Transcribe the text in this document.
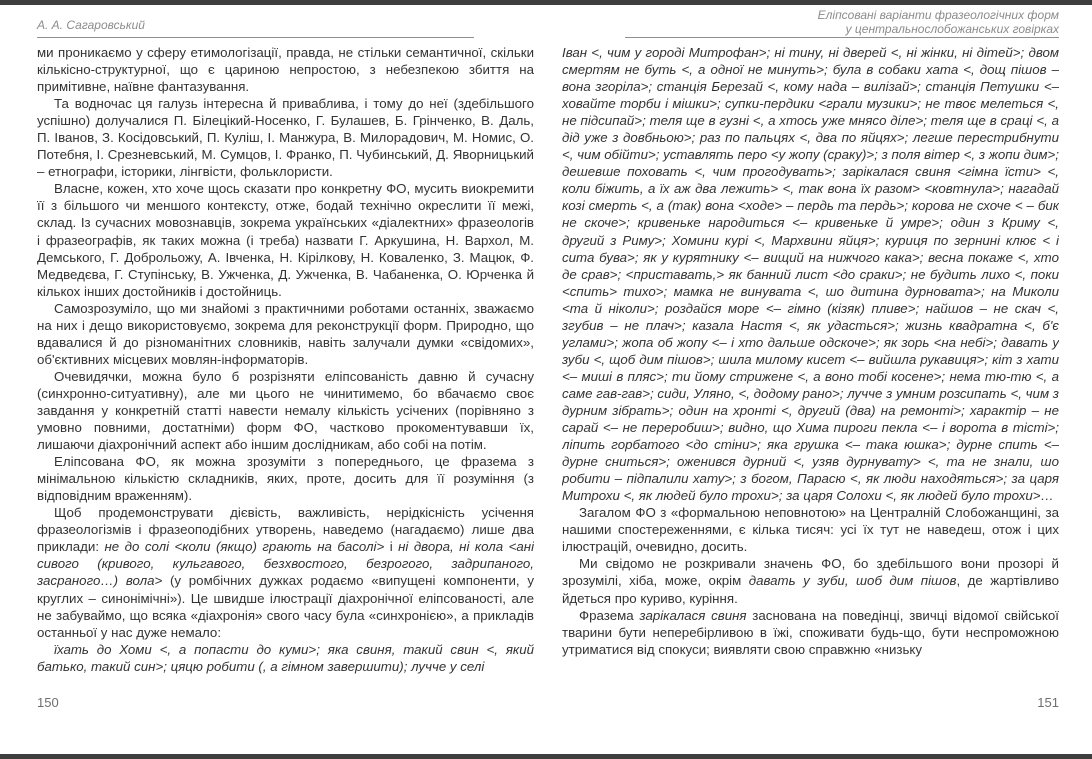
А. А. Сагаровський

ми проникаємо у сферу етимологізації, правда, не стільки семантичної, скільки кількісно-структурної, що є цариною непростою, з небезпекою збиття на примітивне, наївне фантазування.

Та водночас ця галузь інтересна й приваблива, і тому до неї (здебільшого успішно) долучалися П. Білецікий-Носенко, Г. Булашев, Б. Грінченко, В. Даль, П. Іванов, З. Косідовський, П. Куліш, І. Манжура, В. Милорадович, М. Номис, О. Потебня, І. Срезневський, М. Сумцов, І. Франко, П. Чубинський, Д. Яворницький – етнографи, історики, лінгвісти, фольклористи.

Власне, кожен, хто хоче щось сказати про конкретну ФО, мусить виокремити її з більшого чи меншого контексту, отже, бодай технічно окреслити її межі, склад. Із сучасних мовознавців, зокрема українських «діалектних» фразеологів і фразеографів, як таких можна (і треба) назвати Г. Аркушина, Н. Вархол, М. Демського, Г. Доброльожу, А. Івченка, Н. Кірілкову, Н. Коваленко, З. Мацюк, Ф. Медведєва, Г. Ступінську, В. Ужченка, Д. Ужченка, В. Чабаненка, О. Юрченка й кількох інших достойників і достойниць.

Самозрозуміло, що ми знайомі з практичними роботами останніх, зважаємо на них і дещо використовуємо, зокрема для реконструкції форм. Природно, що вдавалися й до різноманітних словників, навіть залучали думки «свідомих», об'єктивних місцевих мовлян-інформаторів.

Очевидячки, можна було б розрізняти еліпсованість давню й сучасну (синхронно-ситуативну), але ми цього не чинитимемо, бо вбачаємо своє завдання у конкретній статті навести немалу кількість усічених (порівняно з умовно повними, достатніми) форм ФО, частково прокоментувавши їх, лишаючи діахронічний аспект або іншим дослідникам, або собі на потім.

Еліпсована ФО, як можна зрозуміти з попереднього, це фразема з мінімальною кількістю складників, яких, проте, досить для її розуміння (з відповідним враженням).

Щоб продемонструвати дієвість, важливість, нерідкісність усічення фразеологізмів і фразеоподібних утворень, наведемо (нагадаємо) лише два приклади: не до солі <коли (якщо) грають на басолі> і ні двора, ні кола <ані сивого (кривого, кульгавого, безхвостого, безрогого, задрипаного, засраного…) вола> (у ромбічних дужках родаємо «випущені компоненти, у круглих – синонімічні»). Це швидше ілюстрації діахронічної еліпсованості, але не забуваймо, що всяка «діахронія» свого часу була «синхронією», а прикладів останньої у нас дуже немало:

їхать до Хоми <, а попасти до куми>; яка свиня, такий свин <, який батько, такий син>; цяцю робити (, а гімном завершити); лучче у селі

150
Еліпсовані варіанти фразеологічних форм
у центральнослобожанських говірках

Іван <, чим у городі Митрофан>; ні тину, ні дверей <, ні жінки, ні дітей>; двом смертям не буть <, а одної не минуть>; була в собаки хата <, дощ пішов – вона згоріла>; станція Березай <, кому нада – вилізай>; станція Петушки <– ховайте торби і мішки>; супки-пердики <грали музики>; не твоє мелеться <, не підсипай>; теля ще в гузні <, а хтось уже мнясо діле>; теля ще в сраці <, а дід уже з довбньою>; раз по пальцях <, два по яйцях>; легше перестрибнути <, чим обійти>; уставлять перо <у жопу (сраку)>; з поля вітер <, з жопи дим>; дешевше поховать <, чим прогодувать>; зарікалася свиня <гімна їсти> <, коли біжить, а їх аж два лежить> <, так вона їх разом> <ковтнула>; нагадай козі смерть <, а (так) вона <ходе> – пердь та пердь>; корова не схоче < – бик не скоче>; кривеньке народиться <– кривеньке й умре>; один з Криму <, другий з Риму>; Хомини курі <, Мархвини яйця>; куриця по зернині клює < і сита бува>; як у курятнику <– вищий на нижчого кака>; весна покаже <, хто де срав>; <приставать,> як банний лист <до сраки>; не будить лихо <, поки <спить> тихо>; мамка не винувата <, шо дитина дурновата>; на Миколи <та й ніколи>; роздайся море <– гімно (кізяк) пливе>; найшов – не скач <, згубив – не плач>; казала Настя <, як удасться>; жизнь квадратна <, б'є углами>; жопа об жопу <– і хто дальше одскоче>; як зорь <на небі>; давать у зуби <, щоб дим пішов>; шила милому кисет <– вийшла рукавиця>; кіт з хати <– миші в пляс>; ти йому стрижене <, а воно тобі косене>; нема тю-тю <, а саме гав-гав>; сиди, Уляно, <, додому рано>; лучче з умним розсипать <, чим з дурним зібрать>; один на хронті <, другий (два) на ремонті>; характір – не сарай <– не переробиш>; видно, що Хима пироги пекла <– і ворота в тісті>; ліпить горбатого <до стіни>; яка грушка <– така юшка>; дурне спить <– дурне сниться>; оженився дурний <, узяв дурнувату> <, та не знали, шо робити – підпалили хату>; з богом, Парасю <, як люди находяться>; за царя Митрохи <, як людей було трохи>; за царя Солохи <, як людей було трохи>…

Загалом ФО з «формальною неповнотою» на Централній Слобожанщині, за нашими спостереженнями, є кілька тисяч: усі їх тут не наведеш, отож і цих ілюстрацій, очевидно, досить.

Ми свідомо не розкривали значень ФО, бо здебільшого вони прозорі й зрозумілі, хіба, може, окрім давать у зуби, шоб дим пішов, де жартівливо йдеться про куриво, куріння.

Фразема зарікалася свиня заснована на поведінці, звичці відомої свійської тварини бути неперебірливою в їжі, споживати будь-що, бути неспроможною утриматися від спокуси; виявляти свою справжню «низьку

151
